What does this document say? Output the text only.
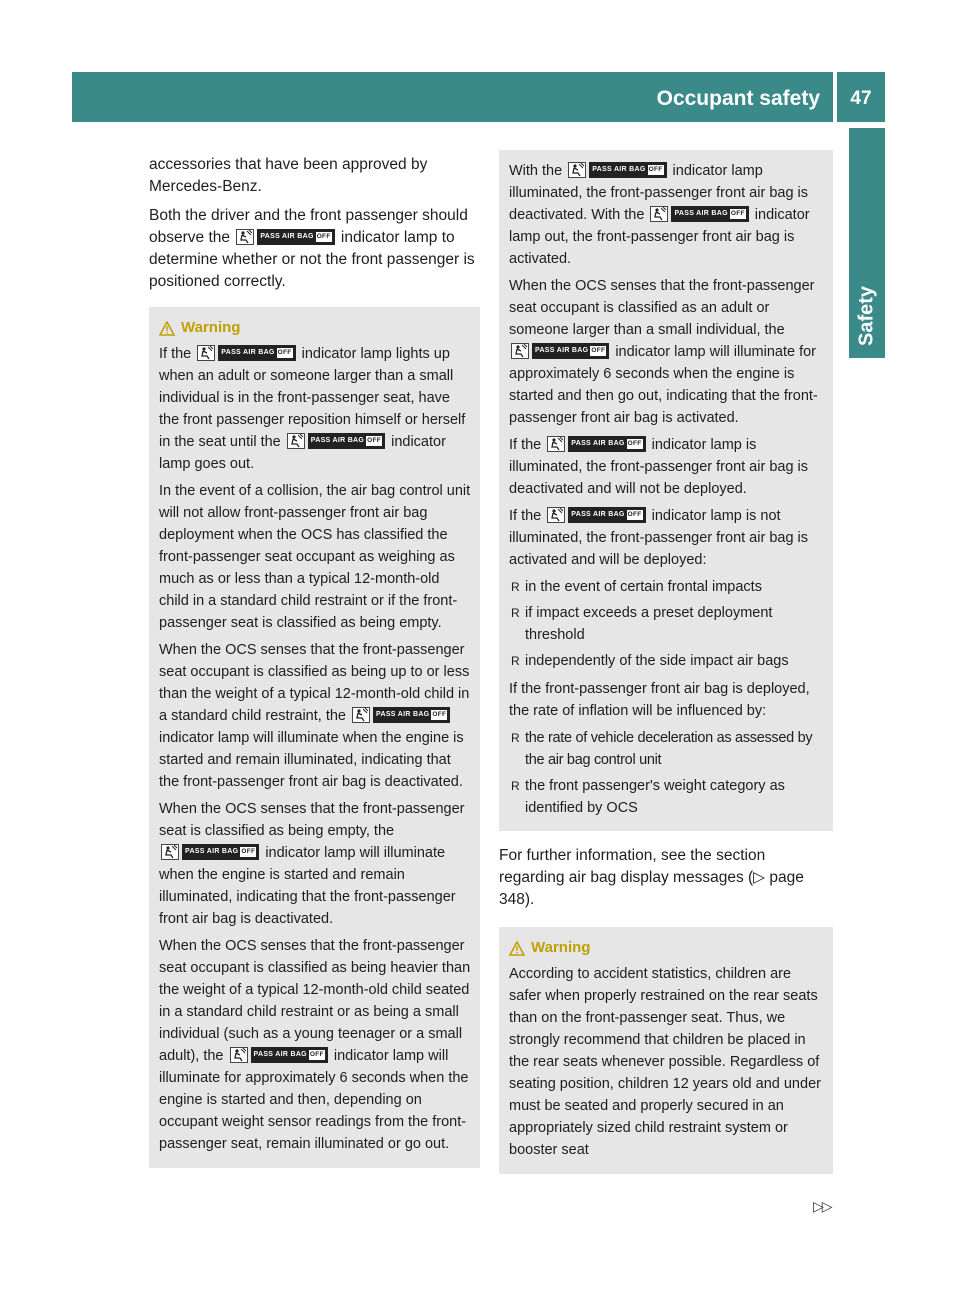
Occupant safety	47
Safety

accessories that have been approved by Mercedes-Benz.

Both the driver and the front passenger should observe the	PASS AIR BAG OFF indicator lamp to determine whether or not the front passenger is positioned correctly.

Warning

If the	PASS AIR BAG OFF indicator lamp lights up when an adult or someone larger than a small individual is in the front-passenger seat, have the front passenger reposition himself or herself in the seat until the	PASS AIR BAG OFF indicator lamp goes out.

In the event of a collision, the air bag control unit will not allow front-passenger front air bag deployment when the OCS has classified the front-passenger seat occupant as weighing as much as or less than a typical 12-month-old child in a standard child restraint or if the front-passenger seat is classified as being empty.

When the OCS senses that the front-passenger seat occupant is classified as being up to or less than the weight of a typical 12-month-old child in a standard child restraint, the	PASS AIR BAG OFF
indicator lamp will illuminate when the engine is started and remain illuminated, indicating that the front-passenger front air bag is deactivated.

When the OCS senses that the front-passenger seat is classified as being empty, the
PASS AIR BAG OFF indicator lamp will illuminate when the engine is started and remain illuminated, indicating that the front-passenger front air bag is deactivated.

When the OCS senses that the front-passenger seat occupant is classified as being heavier than the weight of a typical 12-month-old child seated in a standard child restraint or as being a small individual (such as a young teenager or a small adult), the	PASS AIR BAG OFF indicator lamp will illuminate for approximately 6 seconds when the engine is started and then, depending on occupant weight sensor readings from the front-passenger seat, remain illuminated or go out.

With the	PASS AIR BAG OFF indicator lamp illuminated, the front-passenger front air bag is deactivated. With the	PASS AIR BAG OFF indicator lamp out, the front-passenger front air bag is activated.

When the OCS senses that the front-passenger seat occupant is classified as an adult or someone larger than a small individual, the
PASS AIR BAG OFF indicator lamp will illuminate for approximately 6 seconds when the engine is started and then go out, indicating that the front-passenger front air bag is activated.

If the	PASS AIR BAG OFF indicator lamp is illuminated, the front-passenger front air bag is deactivated and will not be deployed.

If the	PASS AIR BAG OFF indicator lamp is not illuminated, the front-passenger front air bag is activated and will be deployed:

R in the event of certain frontal impacts
R if impact exceeds a preset deployment threshold
R independently of the side impact air bags

If the front-passenger front air bag is deployed, the rate of inflation will be influenced by:

R the rate of vehicle deceleration as assessed by the air bag control unit
R the front passenger's weight category as identified by OCS

For further information, see the section regarding air bag display messages (▷ page 348).

Warning

According to accident statistics, children are safer when properly restrained on the rear seats than on the front-passenger seat. Thus, we strongly recommend that children be placed in the rear seats whenever possible. Regardless of seating position, children 12 years old and under must be seated and properly secured in an appropriately sized child restraint system or booster seat

▷▷
